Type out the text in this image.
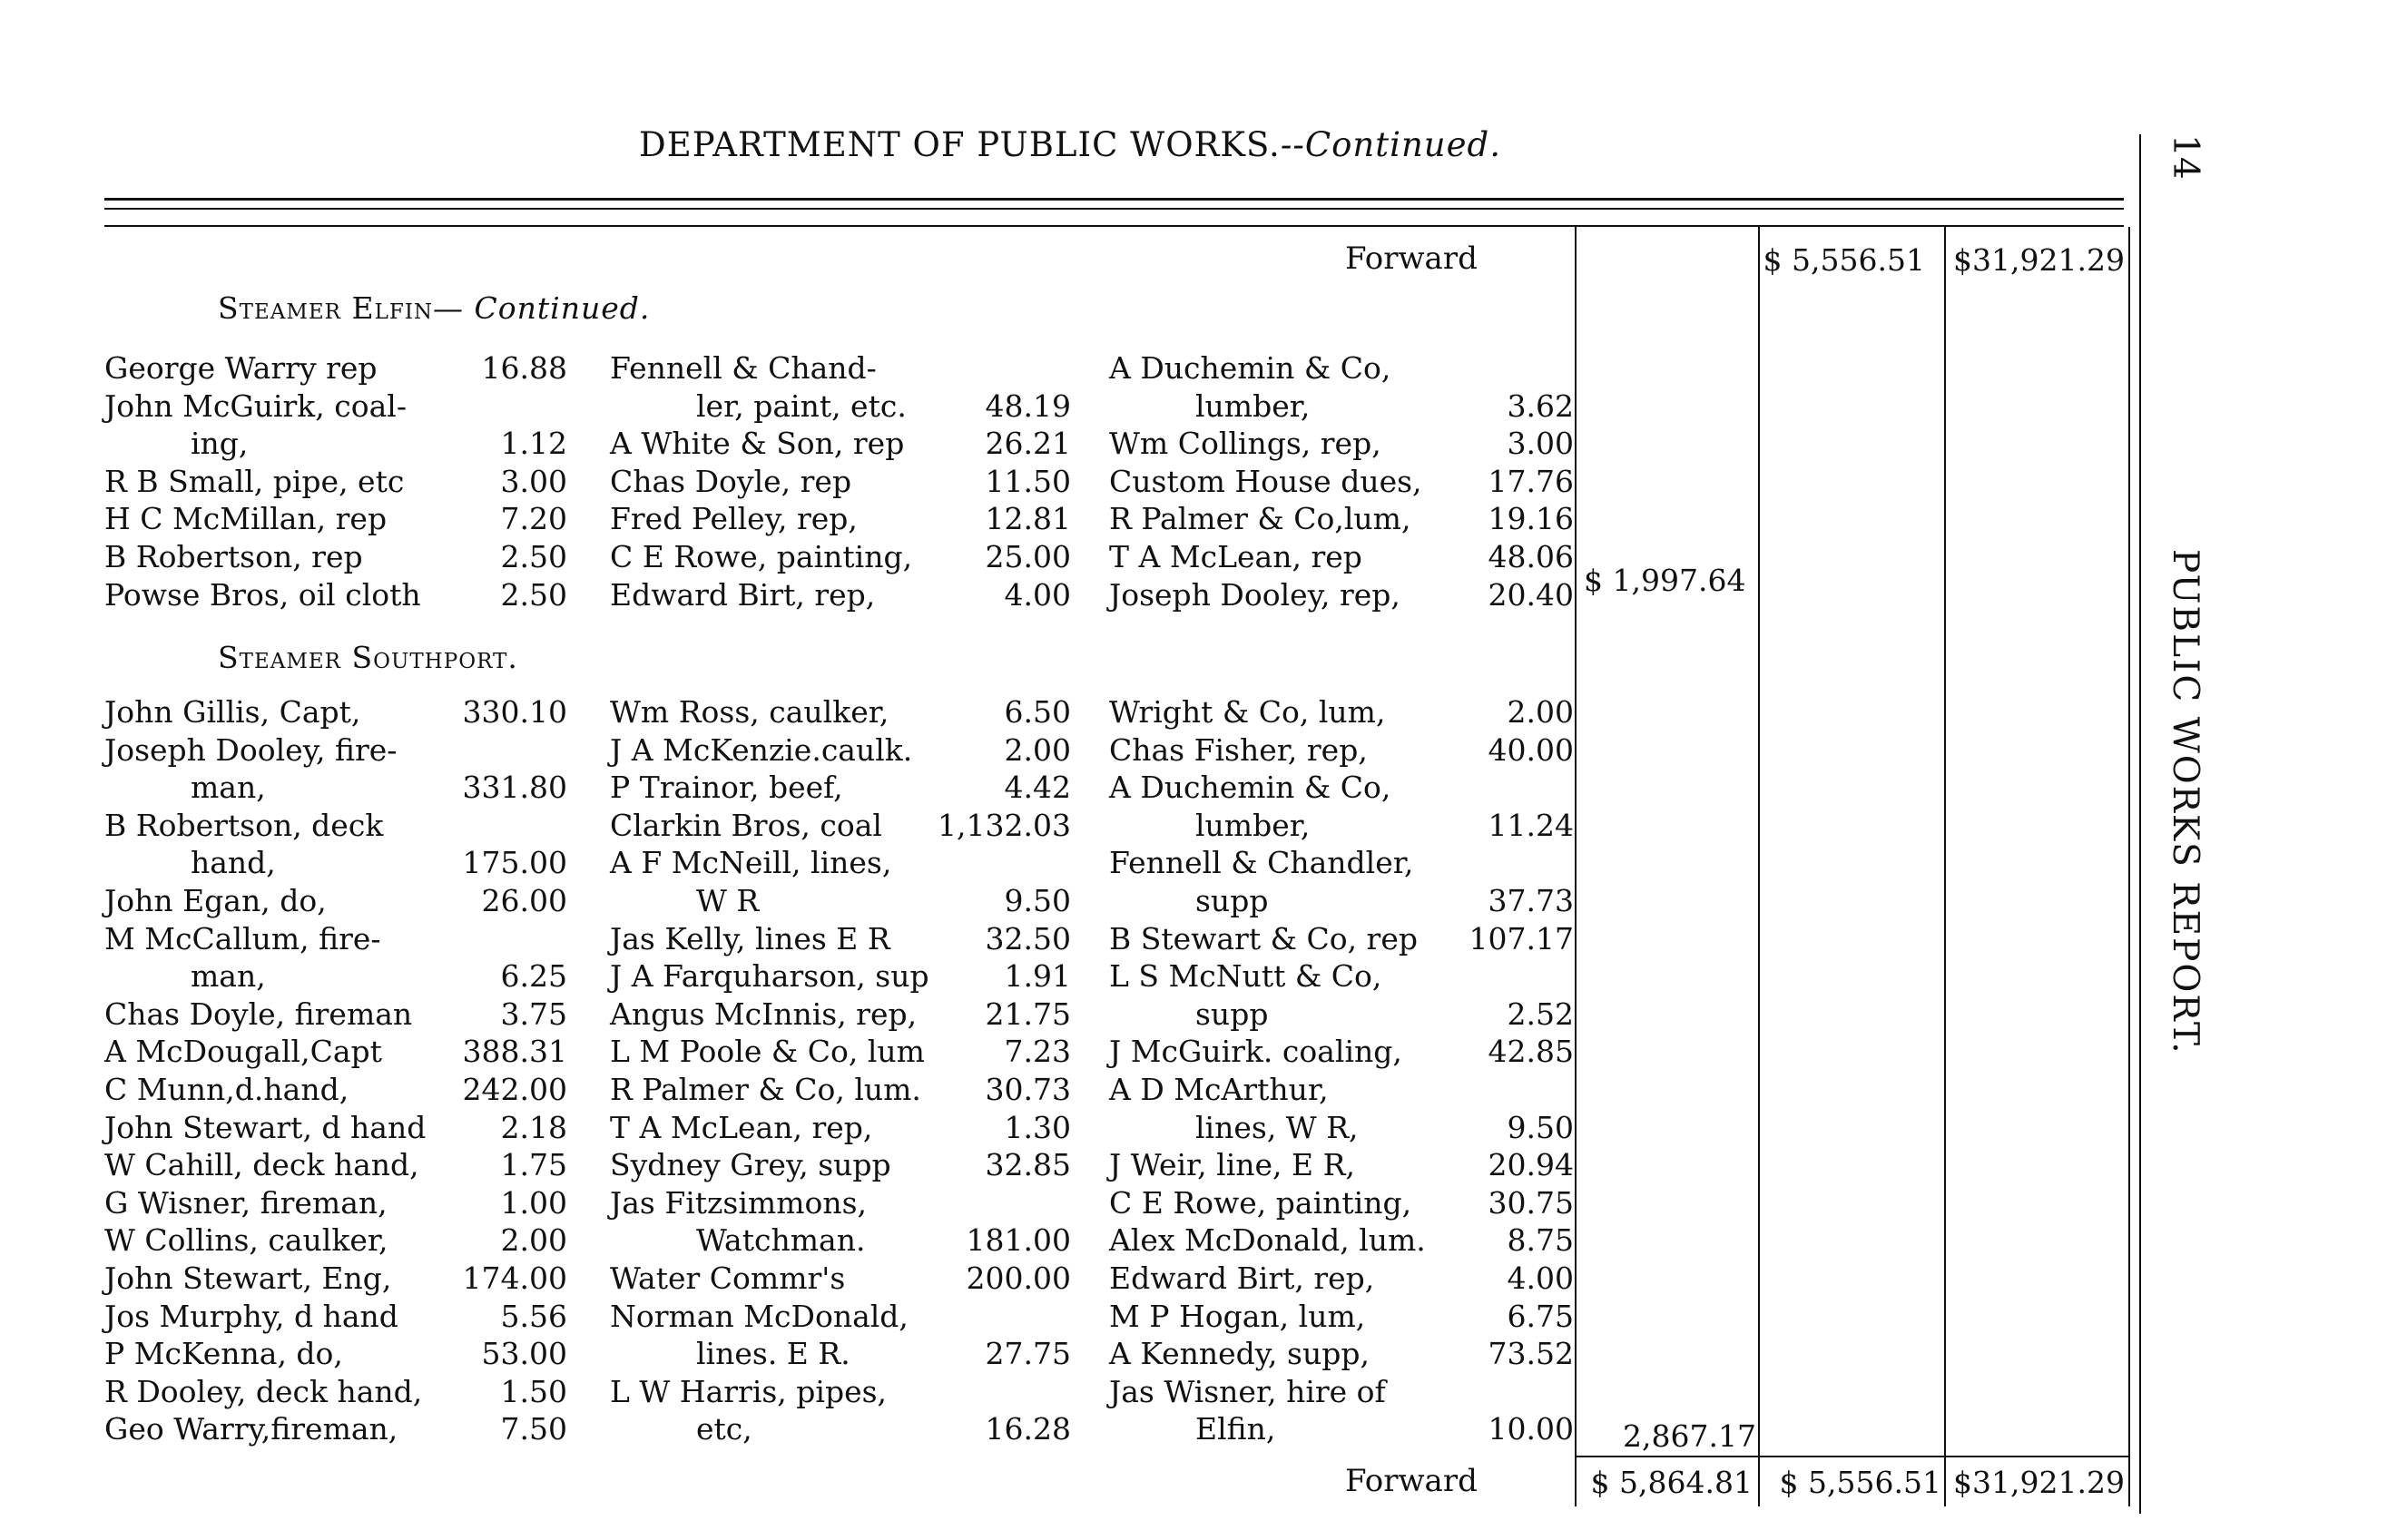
DEPARTMENT OF PUBLIC WORKS.--Continued.
Forward	$ 5,556.51 $31,921.29
Steamer Elfin— Continued.
George Warry rep	16.88
John McGuirk, coal-
ing,	1.12
R B Small, pipe, etc	3.00
H C McMillan, rep	7.20
B Robertson, rep	2.50
Powse Bros, oil cloth	2.50
Fennell & Chand-
ler, paint, etc.	48.19
A White & Son, rep	26.21
Chas Doyle, rep	11.50
Fred Pelley, rep,	12.81
C E Rowe, painting, 25.00
Edward Birt, rep,	4.00
A Duchemin & Co,
lumber,	3.62
Wm Collings, rep,	3.00
Custom House dues, 17.76
R Palmer & Co,lum,	19.16
T A McLean, rep	48.06
Joseph Dooley, rep,	20.40 $ 1,997.64
Steamer Southport.
John Gillis, Capt,	330.10
Joseph Dooley, fire-
man,	331.80
B Robertson, deck
hand,	175.00
John Egan, do,	26.00
M McCallum, fire-
man,	6.25
Chas Doyle, fireman	3.75
A McDougall,Capt	388.31
C Munn,d.hand,	242.00
John Stewart, d hand 2.18
W Cahill, deck hand,	1.75
G Wisner, fireman,	1.00
W Collins, caulker,	2.00
John Stewart, Eng, 174.00
Jos Murphy, d hand	5.56
P McKenna, do,	53.00
R Dooley, deck hand,	1.50
Geo Warry,fireman,	7.50
Wm Ross, caulker,	6.50
J A McKenzie.caulk.	2.00
P Trainor, beef,	4.42
Clarkin Bros, coal 1,132.03
A F McNeill, lines,
W R	9.50
Jas Kelly, lines E R	32.50
J A Farquharson, sup	1.91
Angus McInnis, rep, 21.75
L M Poole & Co, lum	7.23
R Palmer & Co, lum. 30.73
T A McLean, rep,	1.30
Sydney Grey, supp	32.85
Jas Fitzsimmons,
Watchman.	181.00
Water Commr's	200.00
Norman McDonald,
lines. E R.	27.75
L W Harris, pipes,
etc,	16.28
Wright & Co, lum,	2.00
Chas Fisher, rep,	40.00
A Duchemin & Co,
lumber,	11.24
Fennell & Chandler,
supp	37.73
B Stewart & Co, rep 107.17
L S McNutt & Co,
supp	2.52
J McGuirk. coaling,	42.85
A D McArthur,
lines, W R,	9.50
J Weir, line, E R,	20.94
C E Rowe, painting,	30.75
Alex McDonald, lum.	8.75
Edward Birt, rep,	4.00
M P Hogan, lum,	6.75
A Kennedy, supp,	73.52
Jas Wisner, hire of
Elfin,	10.00 2,867.17
Forward	$ 5,864.81 $ 5,556.51 $31,921.29
14
PUBLIC WORKS REPORT.
